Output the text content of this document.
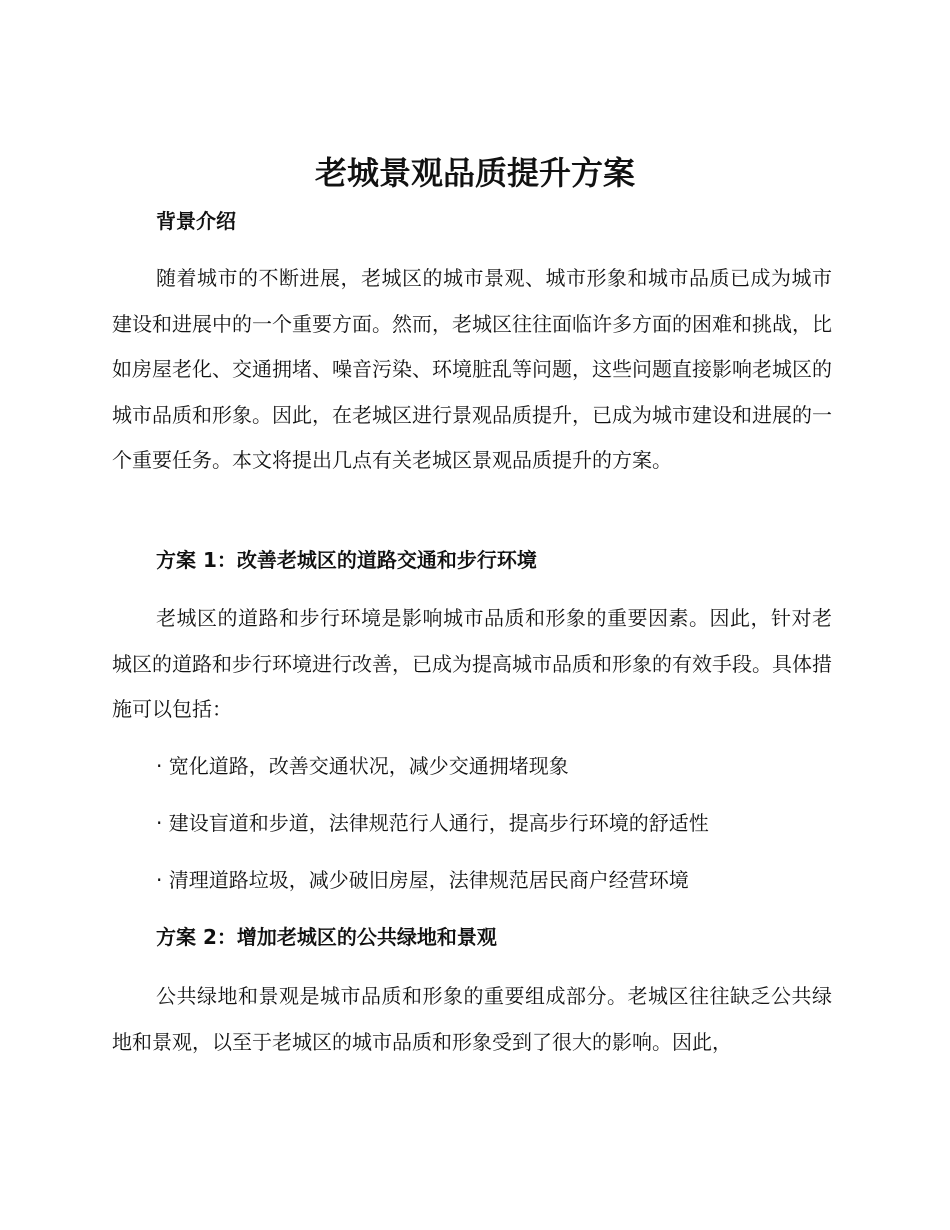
老城景观品质提升方案
背景介绍

随着城市的不断进展，老城区的城市景观、城市形象和城市品质已成为城市建设和进展中的一个重要方面。然而，老城区往往面临许多方面的困难和挑战，比如房屋老化、交通拥堵、噪音污染、环境脏乱等问题，这些问题直接影响老城区的城市品质和形象。因此，在老城区进行景观品质提升，已成为城市建设和进展的一个重要任务。本文将提出几点有关老城区景观品质提升的方案。

方案 1：改善老城区的道路交通和步行环境

老城区的道路和步行环境是影响城市品质和形象的重要因素。因此，针对老城区的道路和步行环境进行改善，已成为提高城市品质和形象的有效手段。具体措施可以包括：

· 宽化道路，改善交通状况，减少交通拥堵现象

· 建设盲道和步道，法律规范行人通行，提高步行环境的舒适性

· 清理道路垃圾，减少破旧房屋，法律规范居民商户经营环境

方案 2：增加老城区的公共绿地和景观

公共绿地和景观是城市品质和形象的重要组成部分。老城区往往缺乏公共绿地和景观，以至于老城区的城市品质和形象受到了很大的影响。因此，
